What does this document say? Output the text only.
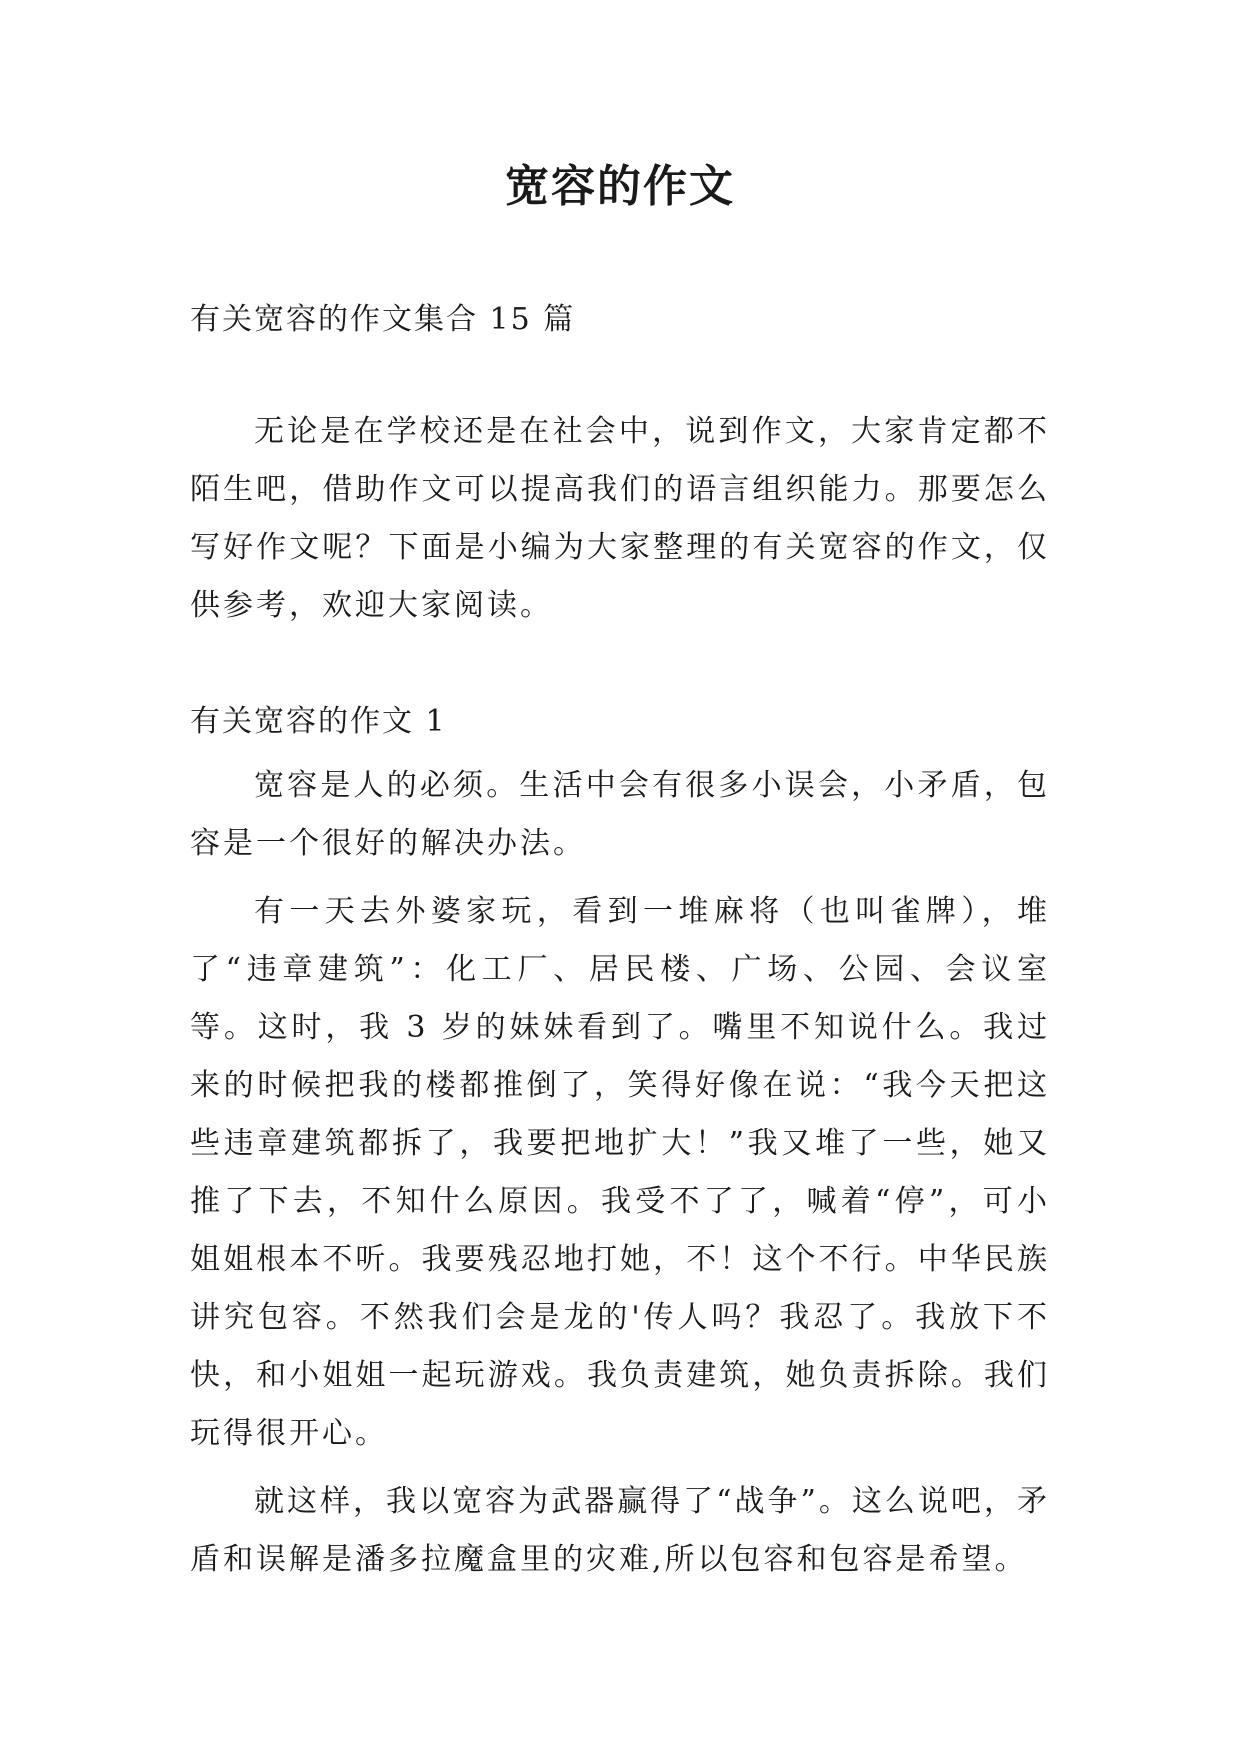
宽容的作文

有关宽容的作文集合 15 篇

无论是在学校还是在社会中，说到作文，大家肯定都不陌生吧，借助作文可以提高我们的语言组织能力。那要怎么写好作文呢？下面是小编为大家整理的有关宽容的作文，仅供参考，欢迎大家阅读。

有关宽容的作文 1

宽容是人的必须。生活中会有很多小误会，小矛盾，包容是一个很好的解决办法。

有一天去外婆家玩，看到一堆麻将（也叫雀牌），堆了“违章建筑”：化工厂、居民楼、广场、公园、会议室等。这时，我 3 岁的妹妹看到了。嘴里不知说什么。我过来的时候把我的楼都推倒了，笑得好像在说：“我今天把这些违章建筑都拆了，我要把地扩大！”我又堆了一些，她又推了下去，不知什么原因。我受不了了，喊着“停”，可小姐姐根本不听。我要残忍地打她，不！这个不行。中华民族讲究包容。不然我们会是龙的'传人吗？我忍了。我放下不快，和小姐姐一起玩游戏。我负责建筑，她负责拆除。我们玩得很开心。

就这样，我以宽容为武器赢得了“战争”。这么说吧，矛盾和误解是潘多拉魔盒里的灾难,所以包容和包容是希望。
